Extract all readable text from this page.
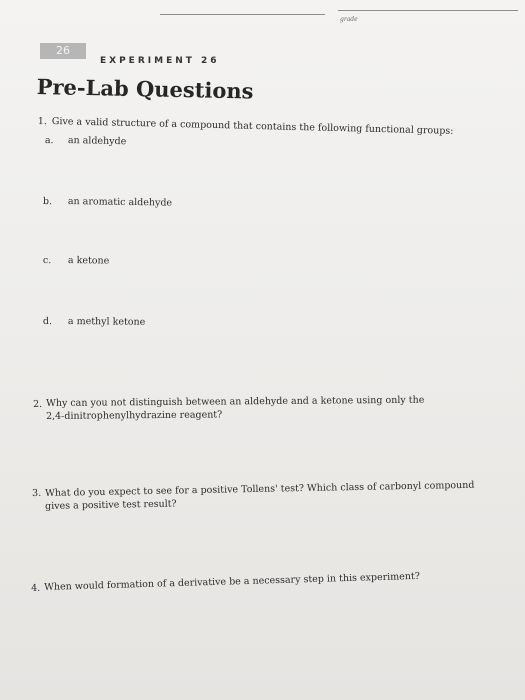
grade
26
EXPERIMENT 26
Pre-Lab Questions
1. Give a valid structure of a compound that contains the following functional groups:
a. an aldehyde
b. an aromatic aldehyde
c. a ketone
d. a methyl ketone
2. Why can you not distinguish between an aldehyde and a ketone using only the
2,4-dinitrophenylhydrazine reagent?
3. What do you expect to see for a positive Tollens' test? Which class of carbonyl compound
gives a positive test result?
4. When would formation of a derivative be a necessary step in this experiment?
